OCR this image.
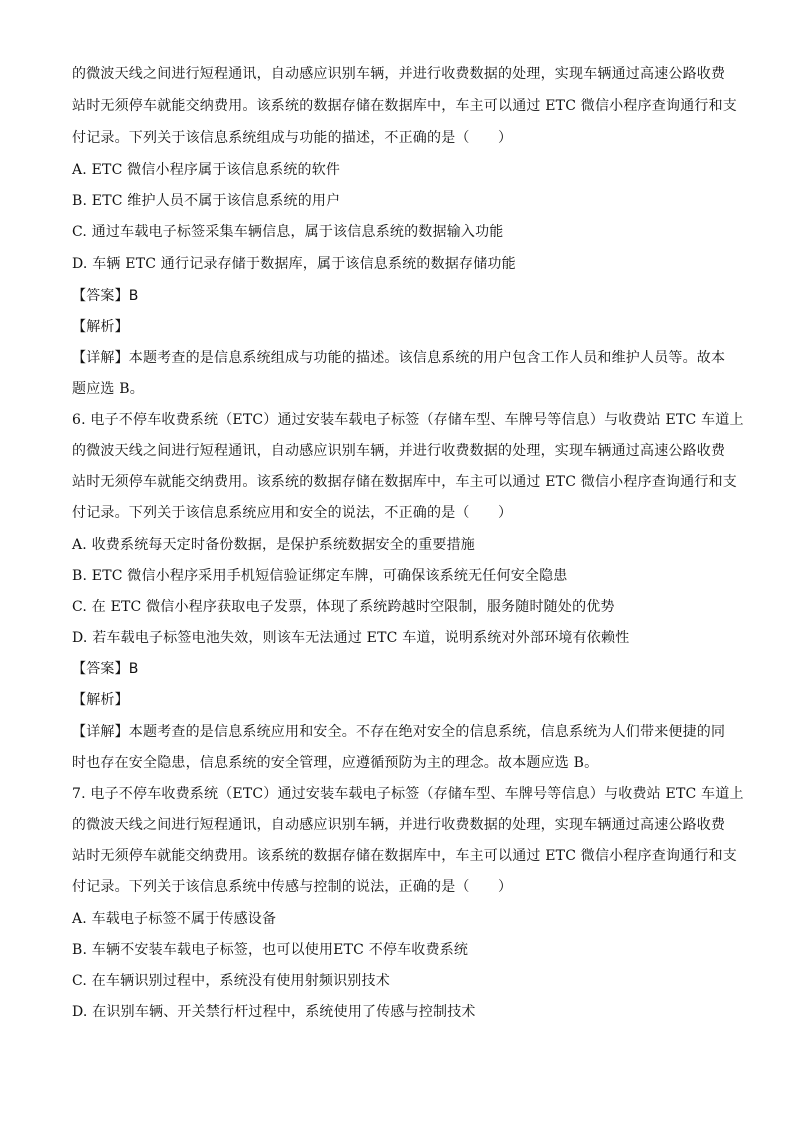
的微波天线之间进行短程通讯，自动感应识别车辆，并进行收费数据的处理，实现车辆通过高速公路收费
站时无须停车就能交纳费用。该系统的数据存储在数据库中，车主可以通过 ETC 微信小程序查询通行和支
付记录。下列关于该信息系统组成与功能的描述，不正确的是（　　）
A. ETC 微信小程序属于该信息系统的软件
B. ETC 维护人员不属于该信息系统的用户
C. 通过车载电子标签采集车辆信息，属于该信息系统的数据输入功能
D. 车辆 ETC 通行记录存储于数据库，属于该信息系统的数据存储功能
【答案】B
【解析】
【详解】本题考查的是信息系统组成与功能的描述。该信息系统的用户包含工作人员和维护人员等。故本
题应选 B。
6. 电子不停车收费系统（ETC）通过安装车载电子标签（存储车型、车牌号等信息）与收费站 ETC 车道上
的微波天线之间进行短程通讯，自动感应识别车辆，并进行收费数据的处理，实现车辆通过高速公路收费
站时无须停车就能交纳费用。该系统的数据存储在数据库中，车主可以通过 ETC 微信小程序查询通行和支
付记录。下列关于该信息系统应用和安全的说法，不正确的是（　　）
A. 收费系统每天定时备份数据，是保护系统数据安全的重要措施
B. ETC 微信小程序采用手机短信验证绑定车牌，可确保该系统无任何安全隐患
C. 在 ETC 微信小程序获取电子发票，体现了系统跨越时空限制，服务随时随处的优势
D. 若车载电子标签电池失效，则该车无法通过 ETC 车道，说明系统对外部环境有依赖性
【答案】B
【解析】
【详解】本题考查的是信息系统应用和安全。不存在绝对安全的信息系统，信息系统为人们带来便捷的同
时也存在安全隐患，信息系统的安全管理，应遵循预防为主的理念。故本题应选 B。
7. 电子不停车收费系统（ETC）通过安装车载电子标签（存储车型、车牌号等信息）与收费站 ETC 车道上
的微波天线之间进行短程通讯，自动感应识别车辆，并进行收费数据的处理，实现车辆通过高速公路收费
站时无须停车就能交纳费用。该系统的数据存储在数据库中，车主可以通过 ETC 微信小程序查询通行和支
付记录。下列关于该信息系统中传感与控制的说法，正确的是（　　）
A. 车载电子标签不属于传感设备
B. 车辆不安装车载电子标签，也可以使用ETC 不停车收费系统
C. 在车辆识别过程中，系统没有使用射频识别技术
D. 在识别车辆、开关禁行杆过程中，系统使用了传感与控制技术
